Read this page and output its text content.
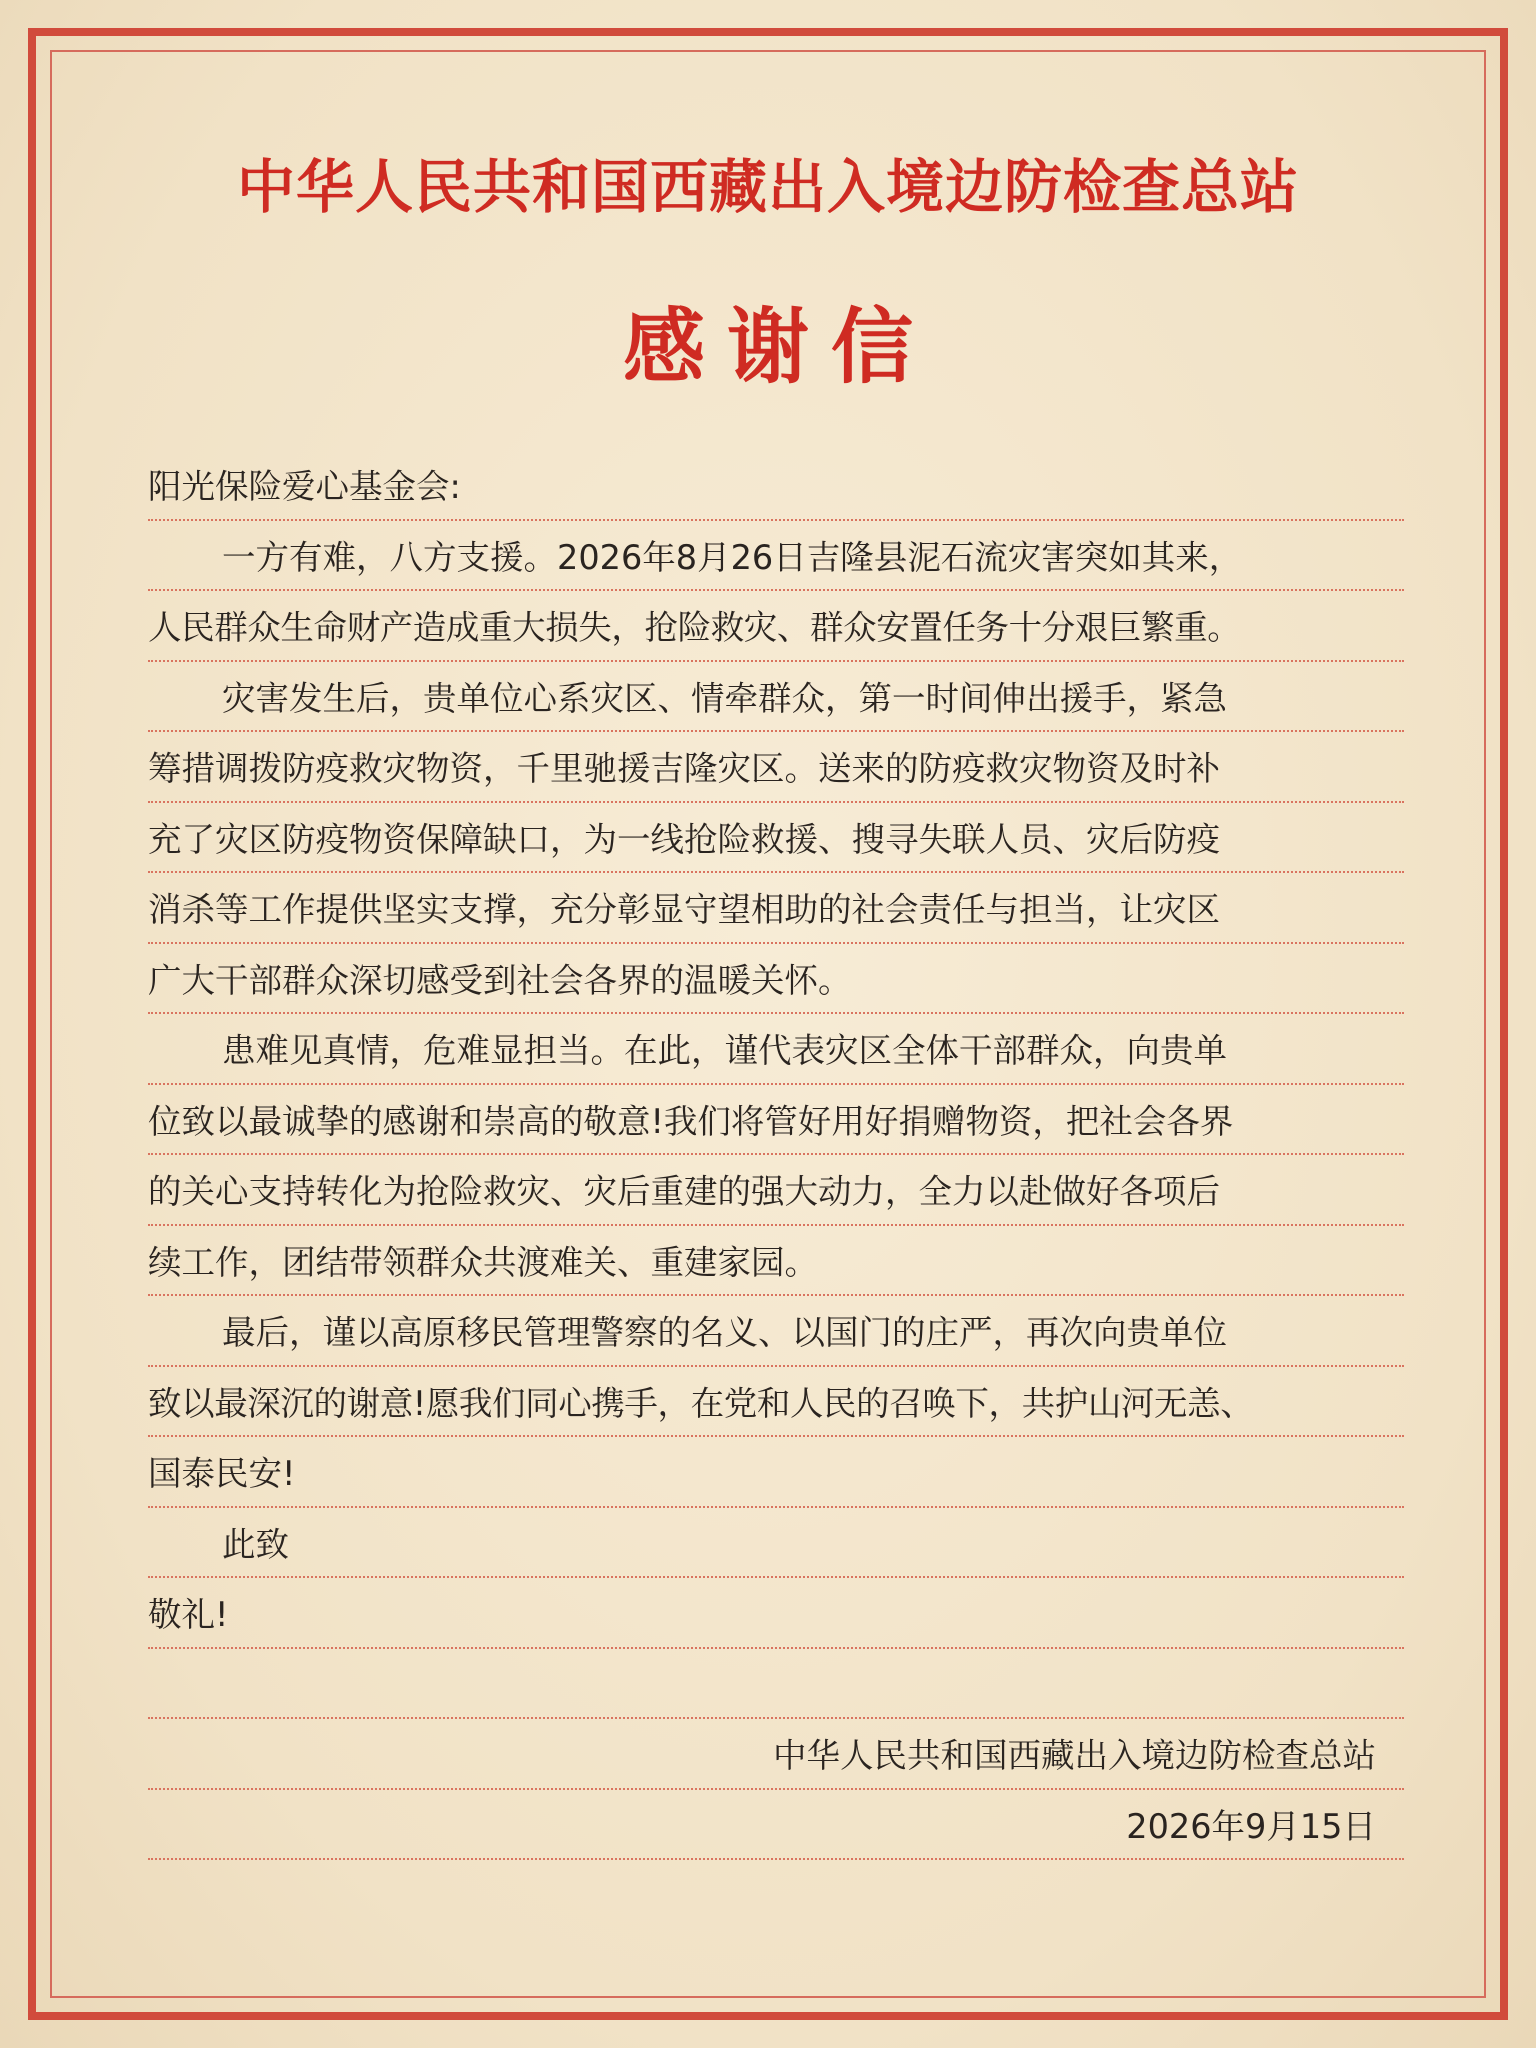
中华人民共和国西藏出入境边防检查总站
感谢信
阳光保险爱心基金会:
一方有难，八方支援。2026年8月26日吉隆县泥石流灾害突如其来，
人民群众生命财产造成重大损失，抢险救灾、群众安置任务十分艰巨繁重。
灾害发生后，贵单位心系灾区、情牵群众，第一时间伸出援手，紧急
筹措调拨防疫救灾物资，千里驰援吉隆灾区。送来的防疫救灾物资及时补
充了灾区防疫物资保障缺口，为一线抢险救援、搜寻失联人员、灾后防疫
消杀等工作提供坚实支撑，充分彰显守望相助的社会责任与担当，让灾区
广大干部群众深切感受到社会各界的温暖关怀。
患难见真情，危难显担当。在此，谨代表灾区全体干部群众，向贵单
位致以最诚挚的感谢和崇高的敬意!我们将管好用好捐赠物资，把社会各界
的关心支持转化为抢险救灾、灾后重建的强大动力，全力以赴做好各项后
续工作，团结带领群众共渡难关、重建家园。
最后，谨以高原移民管理警察的名义、以国门的庄严，再次向贵单位
致以最深沉的谢意!愿我们同心携手，在党和人民的召唤下，共护山河无恙、
国泰民安!
此致
敬礼!
中华人民共和国西藏出入境边防检查总站
2026年9月15日
